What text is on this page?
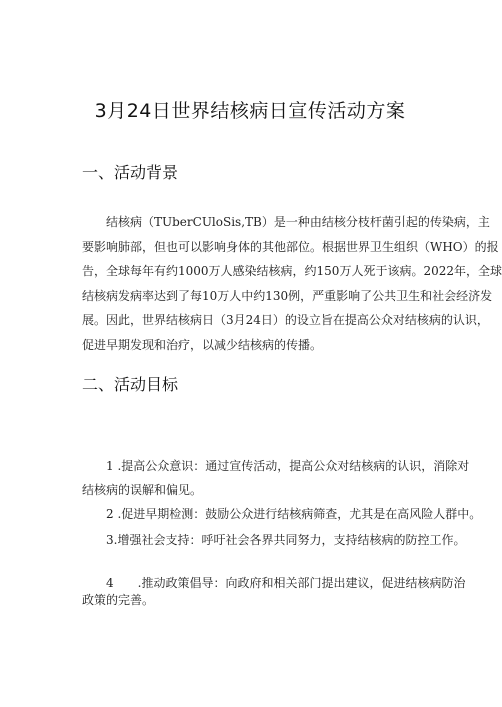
3月24日世界结核病日宣传活动方案
一、活动背景
　　结核病（TUberCUloSis,TB）是一种由结核分枝杆菌引起的传染病，主
要影响肺部，但也可以影响身体的其他部位。根据世界卫生组织（WHO）的报
告，全球每年有约1000万人感染结核病，约150万人死于该病。2022年，全球
结核病发病率达到了每10万人中约130例，严重影响了公共卫生和社会经济发
展。因此，世界结核病日（3月24日）的设立旨在提高公众对结核病的认识，
促进早期发现和治疗，以减少结核病的传播。
二、活动目标
　　1 .提高公众意识：通过宣传活动，提高公众对结核病的认识，消除对
结核病的误解和偏见。
　　2 .促进早期检测：鼓励公众进行结核病筛查，尤其是在高风险人群中。
　　3.增强社会支持：呼吁社会各界共同努力，支持结核病的防控工作。
　　4　　.推动政策倡导：向政府和相关部门提出建议，促进结核病防治
政策的完善。
